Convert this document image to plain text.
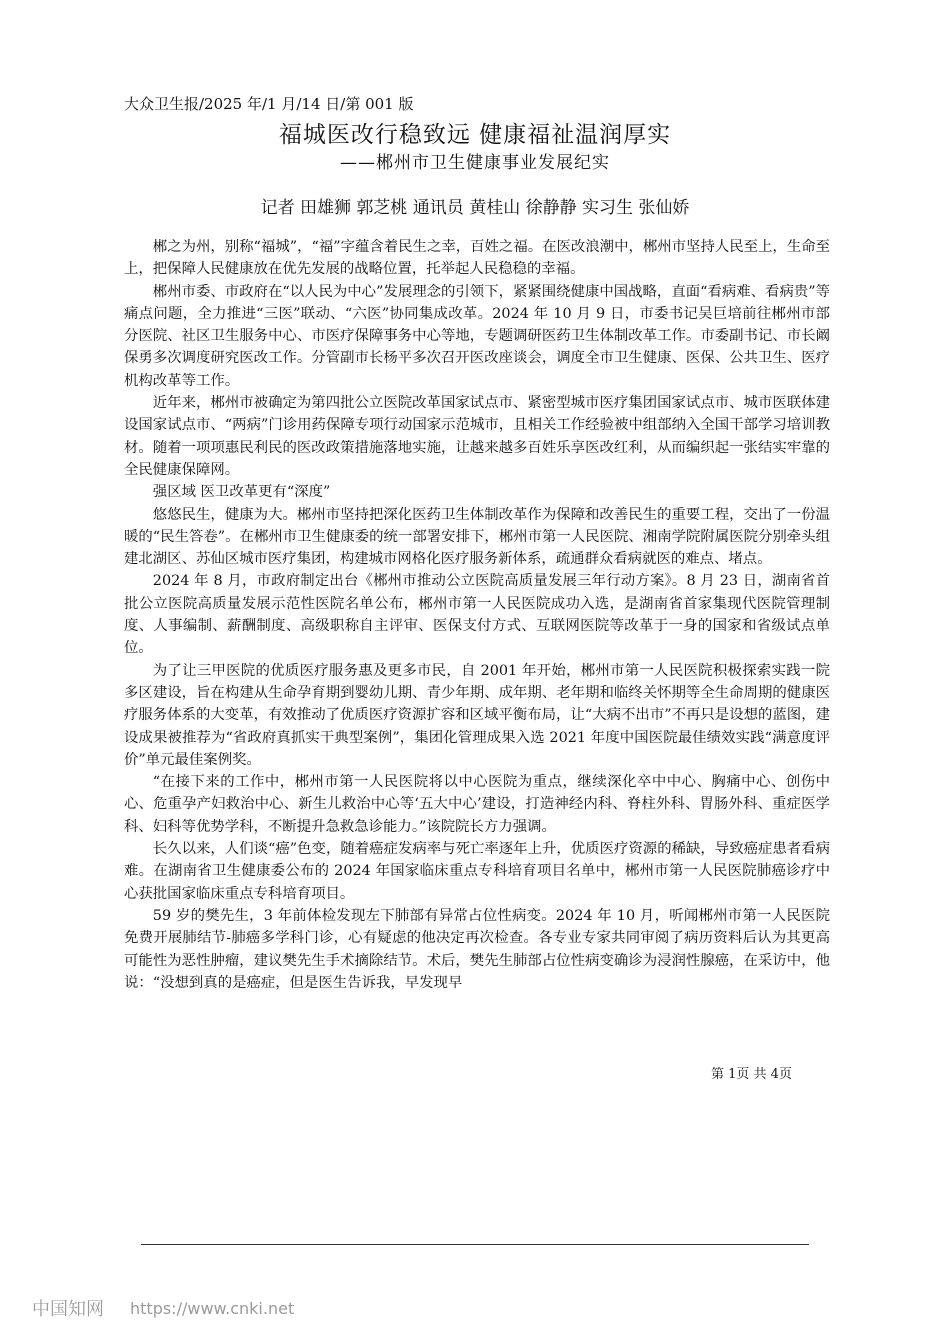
大众卫生报/2025 年/1 月/14 日/第 001 版
福城医改行稳致远 健康福祉温润厚实
——郴州市卫生健康事业发展纪实
记者 田雄狮 郭芝桃 通讯员 黄桂山 徐静静 实习生 张仙娇

郴之为州，别称“福城”，“福”字蕴含着民生之幸，百姓之福。在医改浪潮中，郴州市坚持人民至上，生命至上，把保障人民健康放在优先发展的战略位置，托举起人民稳稳的幸福。

郴州市委、市政府在“以人民为中心”发展理念的引领下，紧紧围绕健康中国战略，直面“看病难、看病贵”等痛点问题，全力推进“三医”联动、“六医”协同集成改革。2024 年 10 月 9 日，市委书记吴巨培前往郴州市部分医院、社区卫生服务中心、市医疗保障事务中心等地，专题调研医药卫生体制改革工作。市委副书记、市长阚保勇多次调度研究医改工作。分管副市长杨平多次召开医改座谈会，调度全市卫生健康、医保、公共卫生、医疗机构改革等工作。

近年来，郴州市被确定为第四批公立医院改革国家试点市、紧密型城市医疗集团国家试点市、城市医联体建设国家试点市、“两病”门诊用药保障专项行动国家示范城市，且相关工作经验被中组部纳入全国干部学习培训教材。随着一项项惠民利民的医改政策措施落地实施，让越来越多百姓乐享医改红利，从而编织起一张结实牢靠的全民健康保障网。

强区域 医卫改革更有“深度”

悠悠民生，健康为大。郴州市坚持把深化医药卫生体制改革作为保障和改善民生的重要工程，交出了一份温暖的“民生答卷”。在郴州市卫生健康委的统一部署安排下，郴州市第一人民医院、湘南学院附属医院分别牵头组建北湖区、苏仙区城市医疗集团，构建城市网格化医疗服务新体系，疏通群众看病就医的难点、堵点。

2024 年 8 月，市政府制定出台《郴州市推动公立医院高质量发展三年行动方案》。8 月 23 日，湖南省首批公立医院高质量发展示范性医院名单公布，郴州市第一人民医院成功入选，是湖南省首家集现代医院管理制度、人事编制、薪酬制度、高级职称自主评审、医保支付方式、互联网医院等改革于一身的国家和省级试点单位。

为了让三甲医院的优质医疗服务惠及更多市民，自 2001 年开始，郴州市第一人民医院积极探索实践一院多区建设，旨在构建从生命孕育期到婴幼儿期、青少年期、成年期、老年期和临终关怀期等全生命周期的健康医疗服务体系的大变革，有效推动了优质医疗资源扩容和区域平衡布局，让“大病不出市”不再只是设想的蓝图，建设成果被推荐为“省政府真抓实干典型案例”，集团化管理成果入选 2021 年度中国医院最佳绩效实践“满意度评价”单元最佳案例奖。

“在接下来的工作中，郴州市第一人民医院将以中心医院为重点，继续深化卒中中心、胸痛中心、创伤中心、危重孕产妇救治中心、新生儿救治中心等‘五大中心’建设，打造神经内科、脊柱外科、胃肠外科、重症医学科、妇科等优势学科，不断提升急救急诊能力。”该院院长方力强调。

长久以来，人们谈“癌”色变，随着癌症发病率与死亡率逐年上升，优质医疗资源的稀缺，导致癌症患者看病难。在湖南省卫生健康委公布的 2024 年国家临床重点专科培育项目名单中，郴州市第一人民医院肺癌诊疗中心获批国家临床重点专科培育项目。

59 岁的樊先生，3 年前体检发现左下肺部有异常占位性病变。2024 年 10 月，听闻郴州市第一人民医院免费开展肺结节-肺癌多学科门诊，心有疑虑的他决定再次检查。各专业专家共同审阅了病历资料后认为其更高可能性为恶性肿瘤，建议樊先生手术摘除结节。术后，樊先生肺部占位性病变确诊为浸润性腺癌，在采访中，他说：“没想到真的是癌症，但是医生告诉我，早发现早

第 1页 共 4页
中国知网 https://www.cnki.net
